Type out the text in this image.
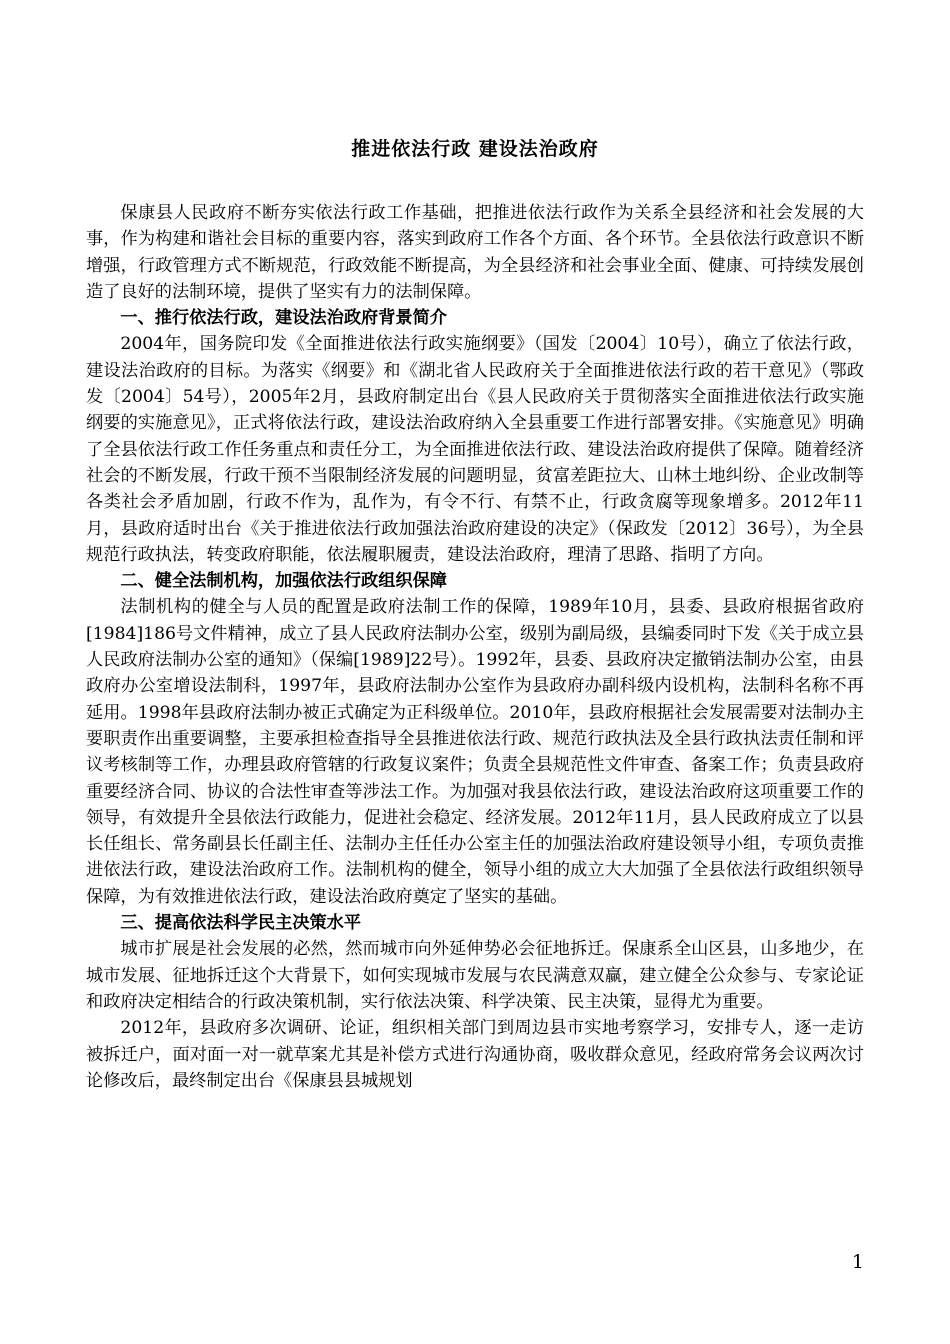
推进依法行政 建设法治政府

保康县人民政府不断夯实依法行政工作基础，把推进依法行政作为关系全县经济和社会发展的大事，作为构建和谐社会目标的重要内容，落实到政府工作各个方面、各个环节。全县依法行政意识不断增强，行政管理方式不断规范，行政效能不断提高，为全县经济和社会事业全面、健康、可持续发展创造了良好的法制环境，提供了坚实有力的法制保障。

一、推行依法行政，建设法治政府背景简介

2004年，国务院印发《全面推进依法行政实施纲要》（国发〔2004〕10号），确立了依法行政，建设法治政府的目标。为落实《纲要》和《湖北省人民政府关于全面推进依法行政的若干意见》（鄂政发〔2004〕54号），2005年2月，县政府制定出台《县人民政府关于贯彻落实全面推进依法行政实施纲要的实施意见》，正式将依法行政，建设法治政府纳入全县重要工作进行部署安排。《实施意见》明确了全县依法行政工作任务重点和责任分工，为全面推进依法行政、建设法治政府提供了保障。随着经济社会的不断发展，行政干预不当限制经济发展的问题明显，贫富差距拉大、山林土地纠纷、企业改制等各类社会矛盾加剧，行政不作为，乱作为，有令不行、有禁不止，行政贪腐等现象增多。2012年11月，县政府适时出台《关于推进依法行政加强法治政府建设的决定》（保政发〔2012〕36号），为全县规范行政执法，转变政府职能，依法履职履责，建设法治政府，理清了思路、指明了方向。

二、健全法制机构，加强依法行政组织保障

法制机构的健全与人员的配置是政府法制工作的保障，1989年10月，县委、县政府根据省政府[1984]186号文件精神，成立了县人民政府法制办公室，级别为副局级，县编委同时下发《关于成立县人民政府法制办公室的通知》（保编[1989]22号）。1992年，县委、县政府决定撤销法制办公室，由县政府办公室增设法制科，1997年，县政府法制办公室作为县政府办副科级内设机构，法制科名称不再延用。1998年县政府法制办被正式确定为正科级单位。2010年，县政府根据社会发展需要对法制办主要职责作出重要调整，主要承担检查指导全县推进依法行政、规范行政执法及全县行政执法责任制和评议考核制等工作，办理县政府管辖的行政复议案件；负责全县规范性文件审查、备案工作；负责县政府重要经济合同、协议的合法性审查等涉法工作。为加强对我县依法行政，建设法治政府这项重要工作的领导，有效提升全县依法行政能力，促进社会稳定、经济发展。2012年11月，县人民政府成立了以县长任组长、常务副县长任副主任、法制办主任任办公室主任的加强法治政府建设领导小组，专项负责推进依法行政，建设法治政府工作。法制机构的健全，领导小组的成立大大加强了全县依法行政组织领导保障，为有效推进依法行政，建设法治政府奠定了坚实的基础。

三、提高依法科学民主决策水平

城市扩展是社会发展的必然，然而城市向外延伸势必会征地拆迁。保康系全山区县，山多地少，在城市发展、征地拆迁这个大背景下，如何实现城市发展与农民满意双赢，建立健全公众参与、专家论证和政府决定相结合的行政决策机制，实行依法决策、科学决策、民主决策，显得尤为重要。

2012年，县政府多次调研、论证，组织相关部门到周边县市实地考察学习，安排专人，逐一走访被拆迁户，面对面一对一就草案尤其是补偿方式进行沟通协商，吸收群众意见，经政府常务会议两次讨论修改后，最终制定出台《保康县县城规划

1
